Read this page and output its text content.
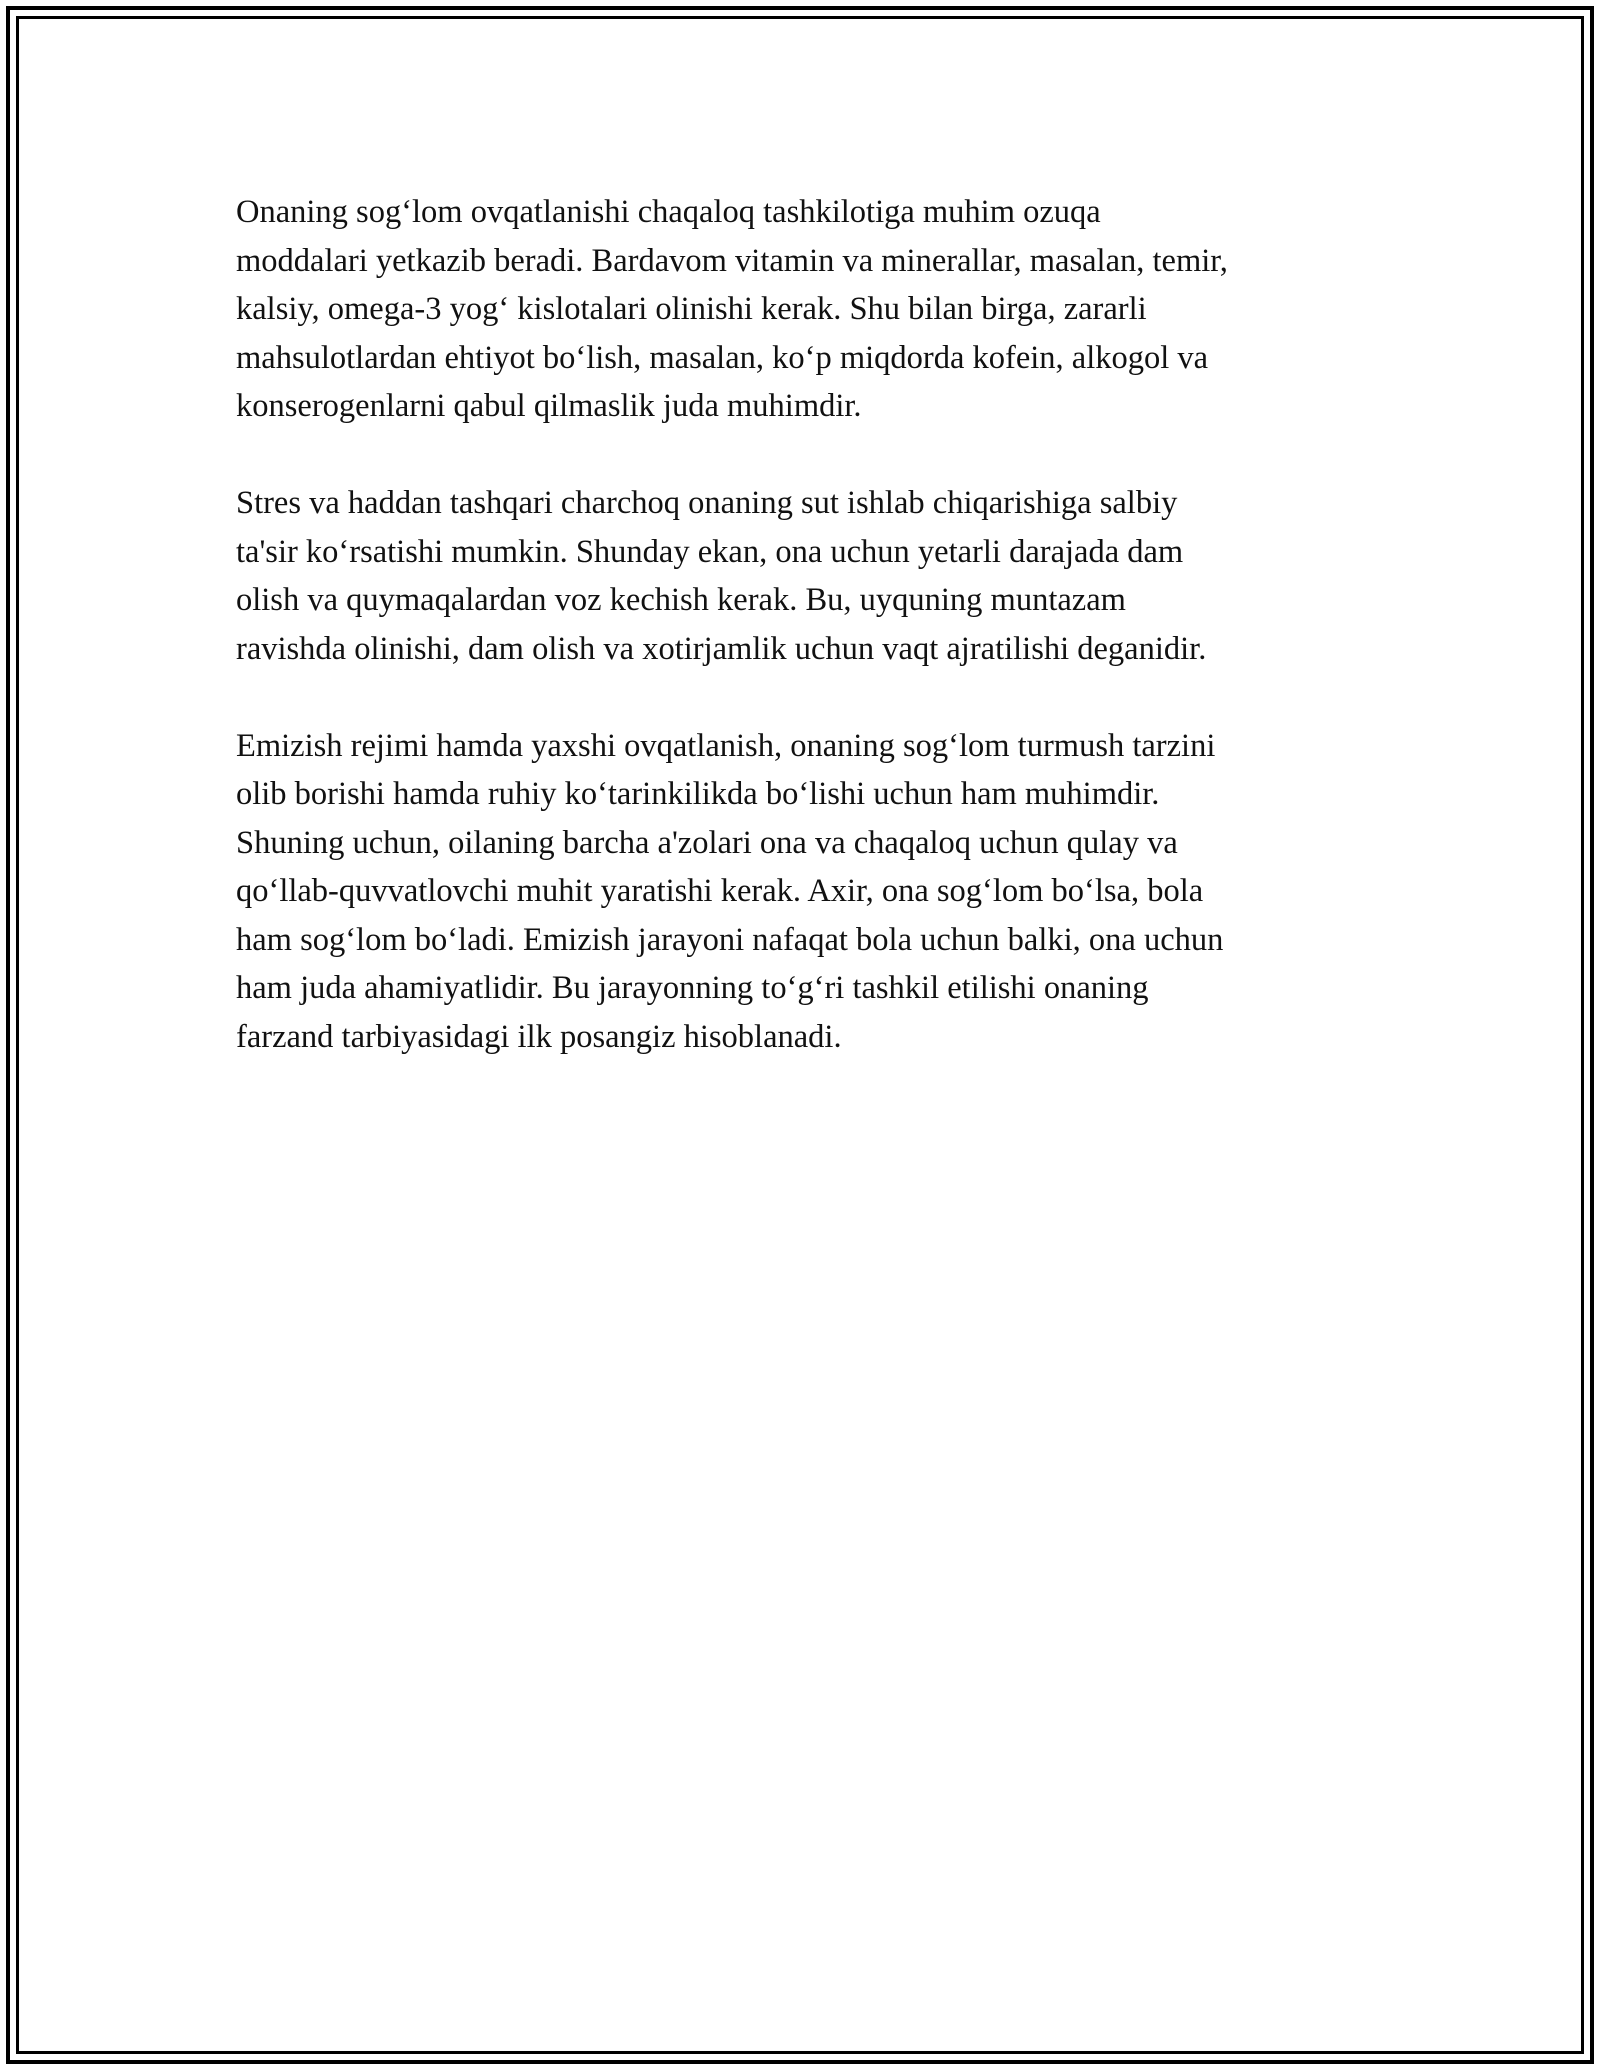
Onaning sog‘lom ovqatlanishi chaqaloq tashkilotiga muhim ozuqa
moddalari yetkazib beradi. Bardavom vitamin va minerallar, masalan, temir,
kalsiy, omega-3 yog‘ kislotalari olinishi kerak. Shu bilan birga, zararli
mahsulotlardan ehtiyot bo‘lish, masalan, ko‘p miqdorda kofein, alkogol va
konserogenlarni qabul qilmaslik juda muhimdir.

Stres va haddan tashqari charchoq onaning sut ishlab chiqarishiga salbiy
ta'sir ko‘rsatishi mumkin. Shunday ekan, ona uchun yetarli darajada dam
olish va quymaqalardan voz kechish kerak. Bu, uyquning muntazam
ravishda olinishi, dam olish va xotirjamlik uchun vaqt ajratilishi deganidir.

Emizish rejimi hamda yaxshi ovqatlanish, onaning sog‘lom turmush tarzini
olib borishi hamda ruhiy ko‘tarinkilikda bo‘lishi uchun ham muhimdir.
Shuning uchun, oilaning barcha a'zolari ona va chaqaloq uchun qulay va
qo‘llab-quvvatlovchi muhit yaratishi kerak. Axir, ona sog‘lom bo‘lsa, bola
ham sog‘lom bo‘ladi. Emizish jarayoni nafaqat bola uchun balki, ona uchun
ham juda ahamiyatlidir. Bu jarayonning to‘g‘ri tashkil etilishi onaning
farzand tarbiyasidagi ilk posangiz hisoblanadi.
